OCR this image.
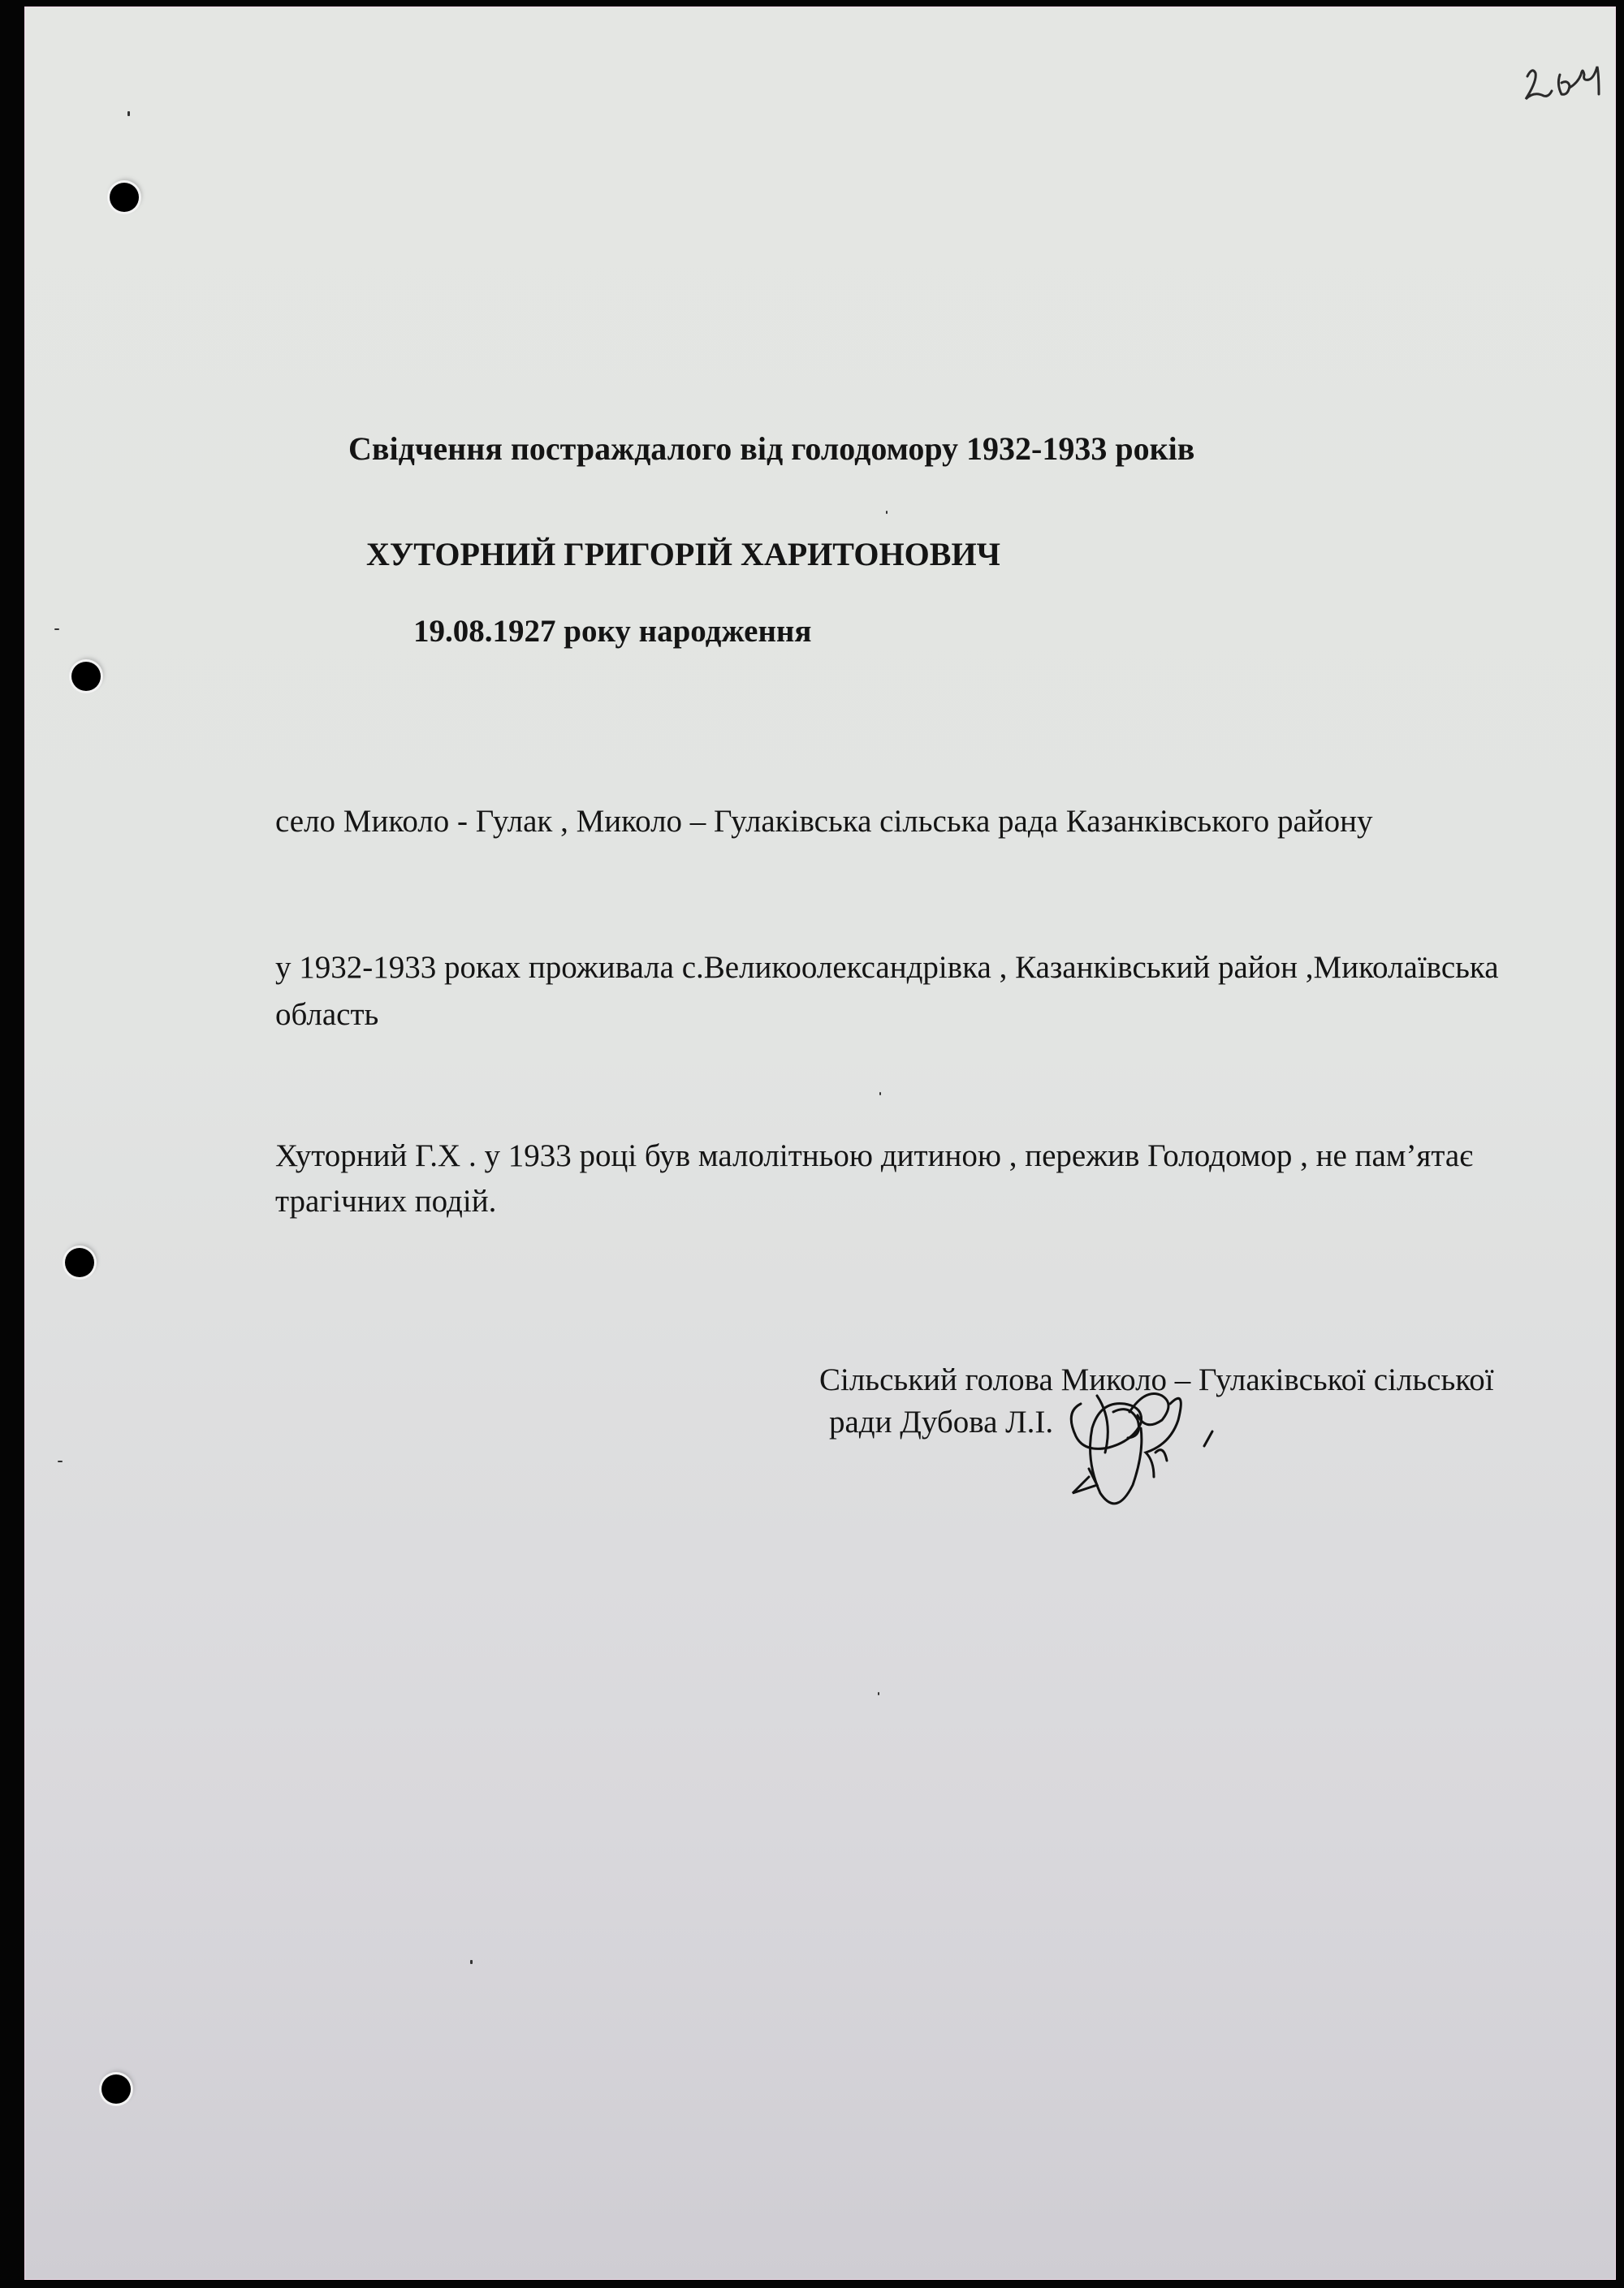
Свідчення постраждалого від голодомору 1932-1933 років
ХУТОРНИЙ ГРИГОРІЙ ХАРИТОНОВИЧ
19.08.1927 року народження
село Миколо - Гулак , Миколо – Гулаківська сільська рада Казанківського району
у 1932-1933 роках проживала с.Великоолександрівка , Казанківський район ,Миколаївська
область
Хуторний Г.Х . у 1933 році був малолітньою дитиною , пережив Голодомор , не пам’ятає
трагічних подій.
Сільський голова Миколо – Гулаківської сільської
ради Дубова Л.І.
